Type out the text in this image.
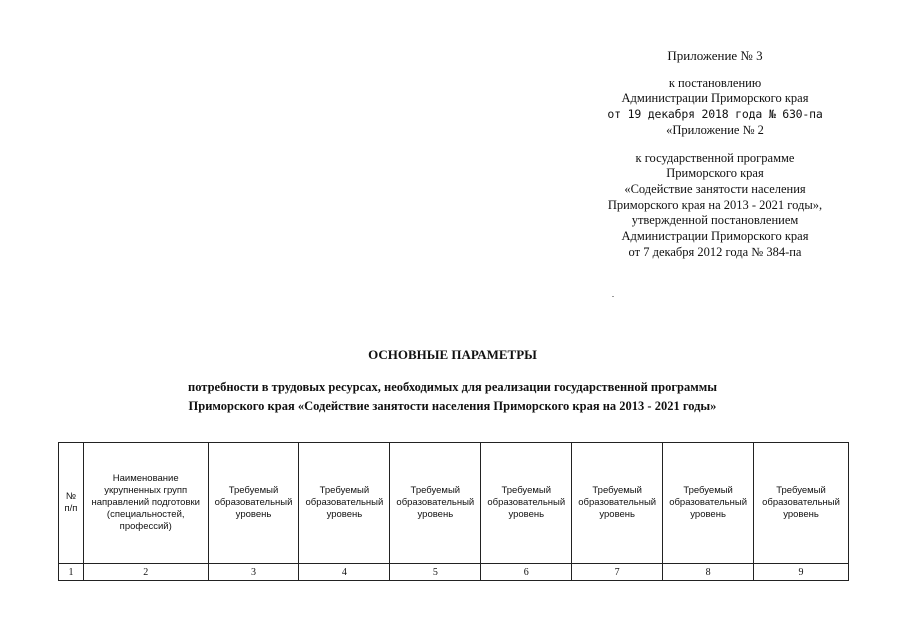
Приложение № 3
к постановлению
Администрации Приморского края
от 19 декабря 2018 года № 630-па
«Приложение № 2
к государственной программе
Приморского края
«Содействие занятости населения
Приморского края на 2013 - 2021 годы»,
утвержденной постановлением
Администрации Приморского края
от 7 декабря 2012 года № 384-па
ОСНОВНЫЕ ПАРАМЕТРЫ
потребности в трудовых ресурсах, необходимых для реализации государственной программы
Приморского края «Содействие занятости населения Приморского края на 2013 - 2021 годы»
№ п/п	Наименование укрупненных групп направлений подготовки (специальностей, профессий)	Требуемый образовательный уровень	Требуемый образовательный уровень	Требуемый образовательный уровень	Требуемый образовательный уровень	Требуемый образовательный уровень	Требуемый образовательный уровень	Требуемый образовательный уровень
1	2	3	4	5	6	7	8	9
